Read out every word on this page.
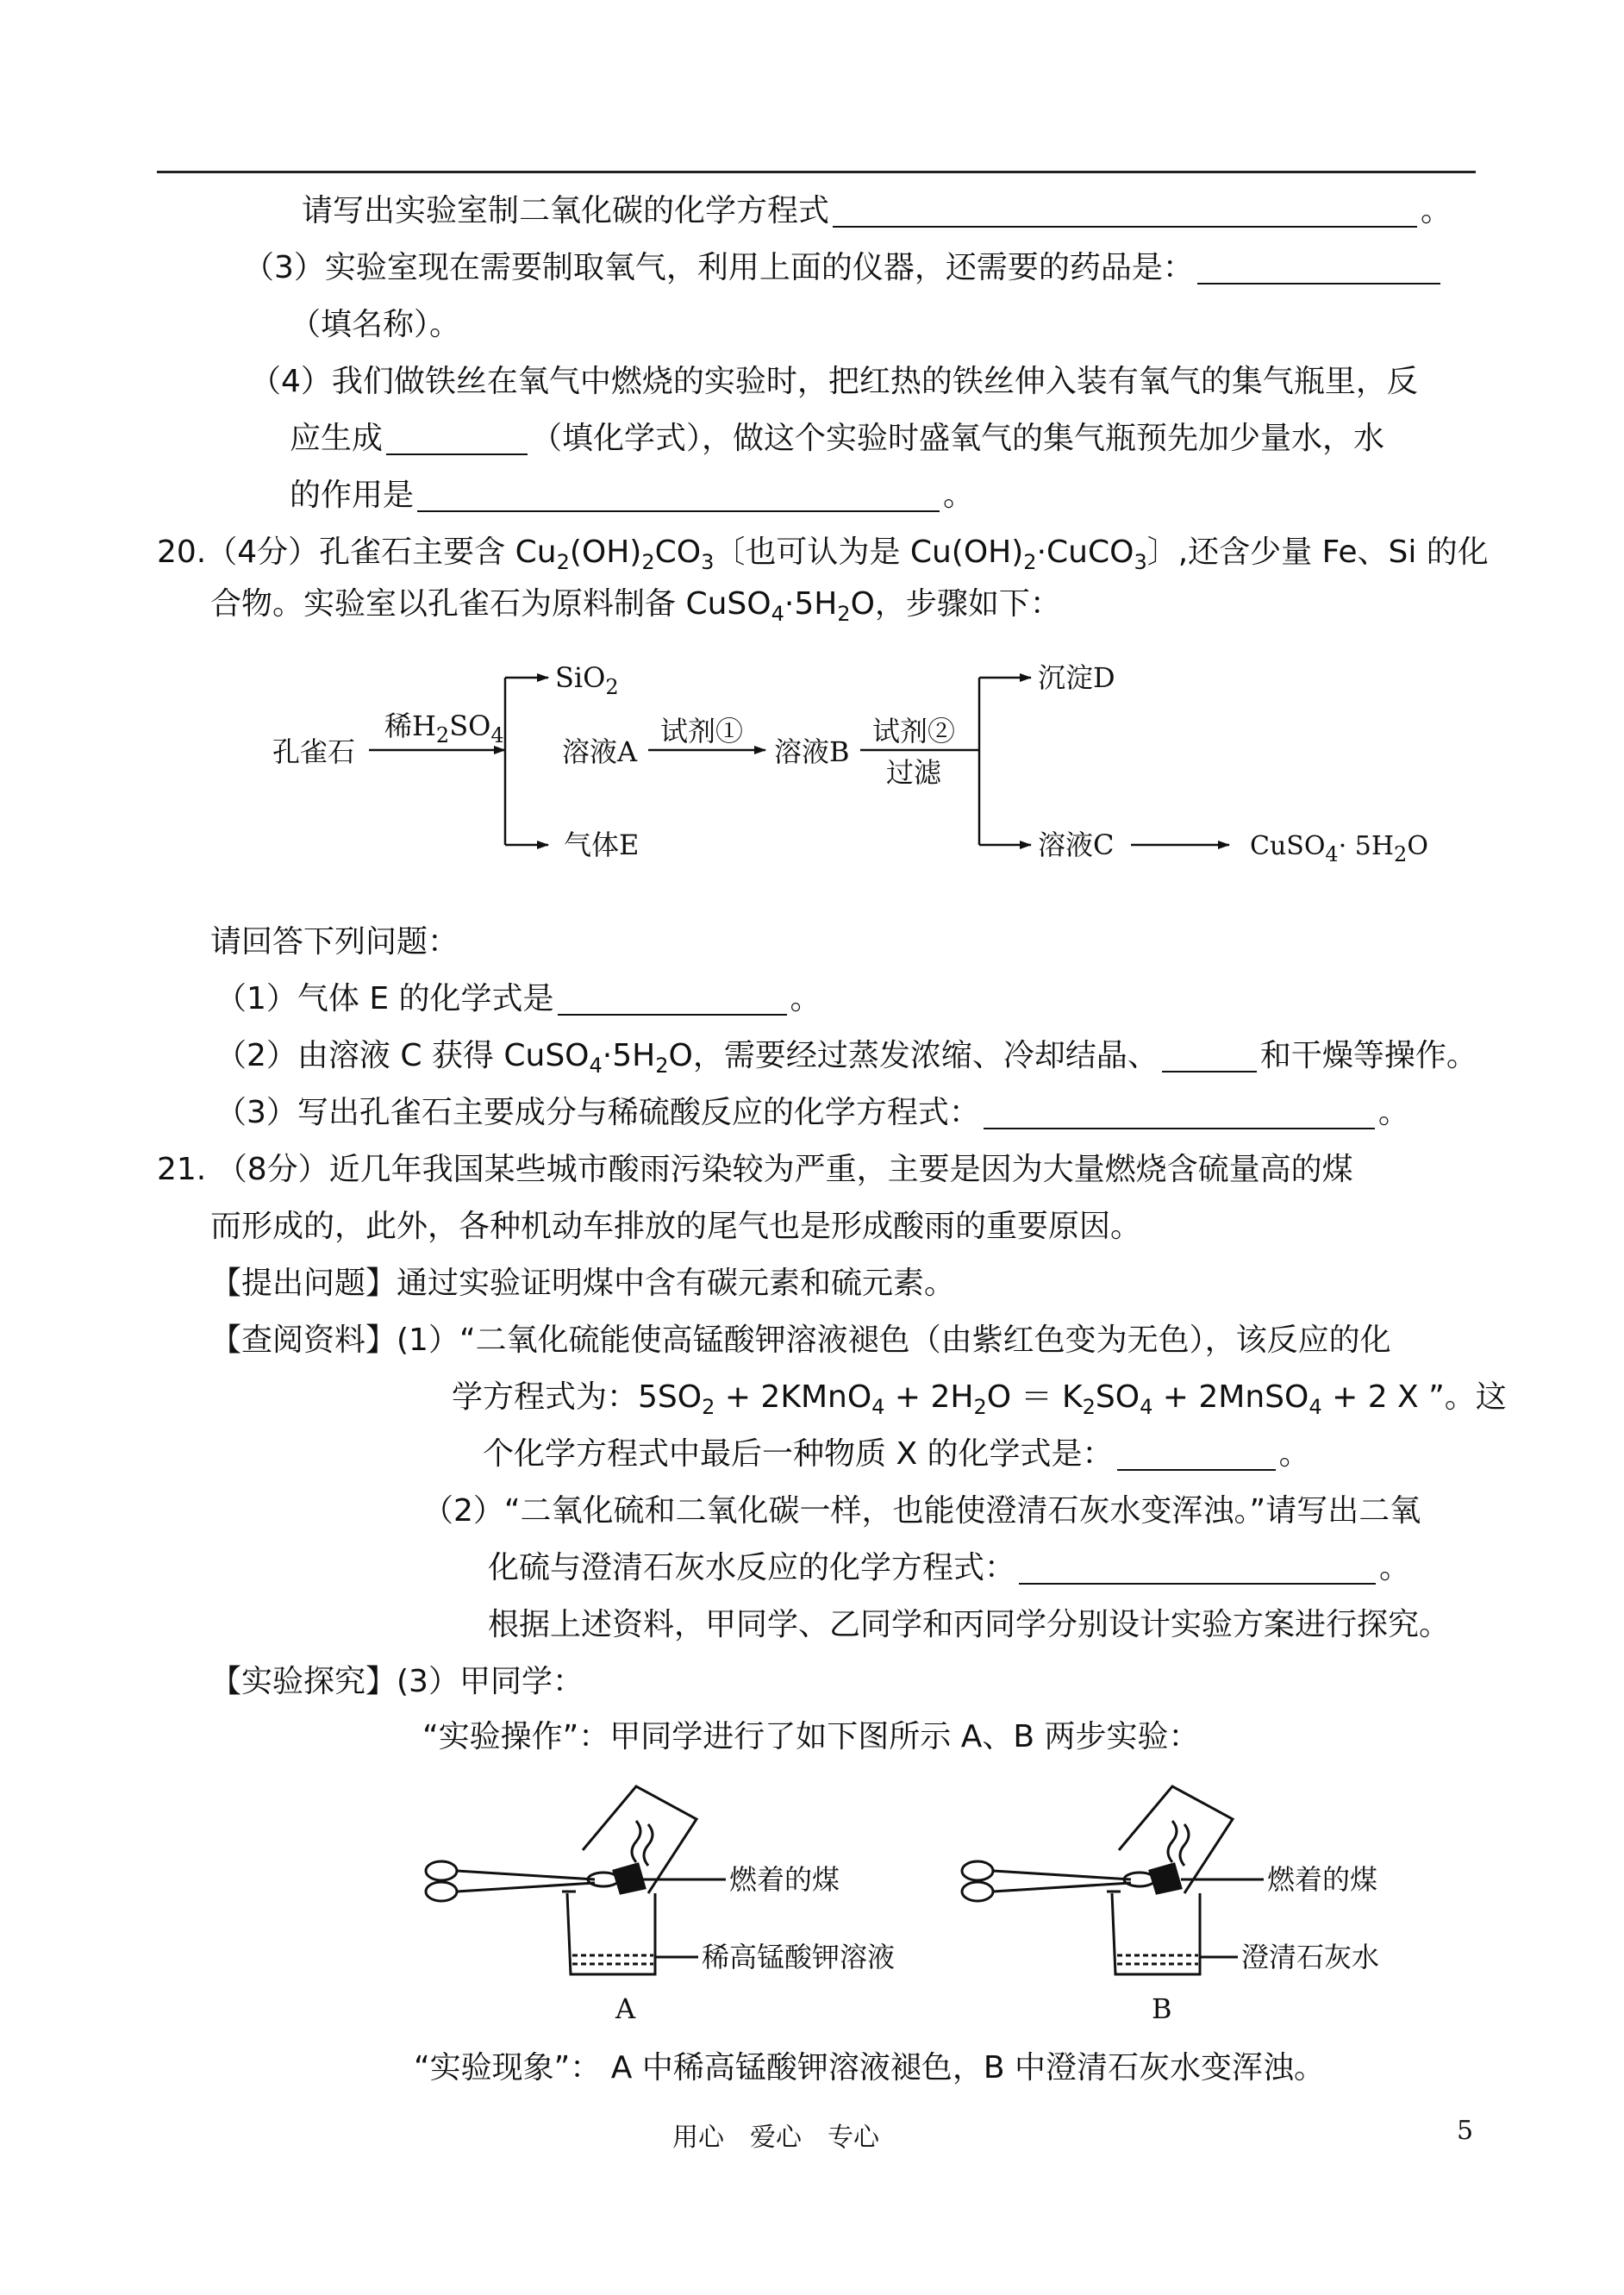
请写出实验室制二氧化碳的化学方程式	。
（3）实验室现在需要制取氧气，利用上面的仪器，还需要的药品是：
（填名称）。
（4）我们做铁丝在氧气中燃烧的实验时，把红热的铁丝伸入装有氧气的集气瓶里，反
应生成	（填化学式），做这个实验时盛氧气的集气瓶预先加少量水，水
的作用是	。
20.（4分）孔雀石主要含 $Cu_2(OH)_2CO_3$〔也可认为是 $Cu(OH)_2\cdot CuCO_3$〕,还含少量 Fe、Si 的化
合物。实验室以孔雀石为原料制备 $CuSO_4\cdot 5H_2O$，步骤如下：
孔雀石
稀$H_2SO_4$
SiO$_2$
溶液A
气体E
试剂①
溶液B
试剂②
过滤
沉淀D
溶液C	CuSO$_4$· $5H_2O$
请回答下列问题：
（1）气体 E 的化学式是	。
（2）由溶液 C 获得 $CuSO_4\cdot 5H_2O$，需要经过蒸发浓缩、冷却结晶、	和干燥等操作。
（3）写出孔雀石主要成分与稀硫酸反应的化学方程式：	。
21. （8分）近几年我国某些城市酸雨污染较为严重，主要是因为大量燃烧含硫量高的煤
而形成的，此外，各种机动车排放的尾气也是形成酸雨的重要原因。
【提出问题】通过实验证明煤中含有碳元素和硫元素。
【查阅资料】(1）“二氧化硫能使高锰酸钾溶液褪色（由紫红色变为无色），该反应的化
学方程式为：$5SO_2$ + 2KMnO$_4$ + $2H_2O = K_2SO_4$ + 2MnSO$_4$ + 2 X ”。这
个化学方程式中最后一种物质 X 的化学式是：	。
（2）“二氧化硫和二氧化碳一样，也能使澄清石灰水变浑浊。”请写出二氧
化硫与澄清石灰水反应的化学方程式：	。
根据上述资料，甲同学、乙同学和丙同学分别设计实验方案进行探究。
【实验探究】(3）甲同学：
“实验操作”：甲同学进行了如下图所示 A、B 两步实验：
燃着的煤
稀高锰酸钾溶液
A
燃着的煤
澄清石灰水
B
“实验现象”： A 中稀高锰酸钾溶液褪色，B 中澄清石灰水变浑浊。
用心　爱心　专心	5
